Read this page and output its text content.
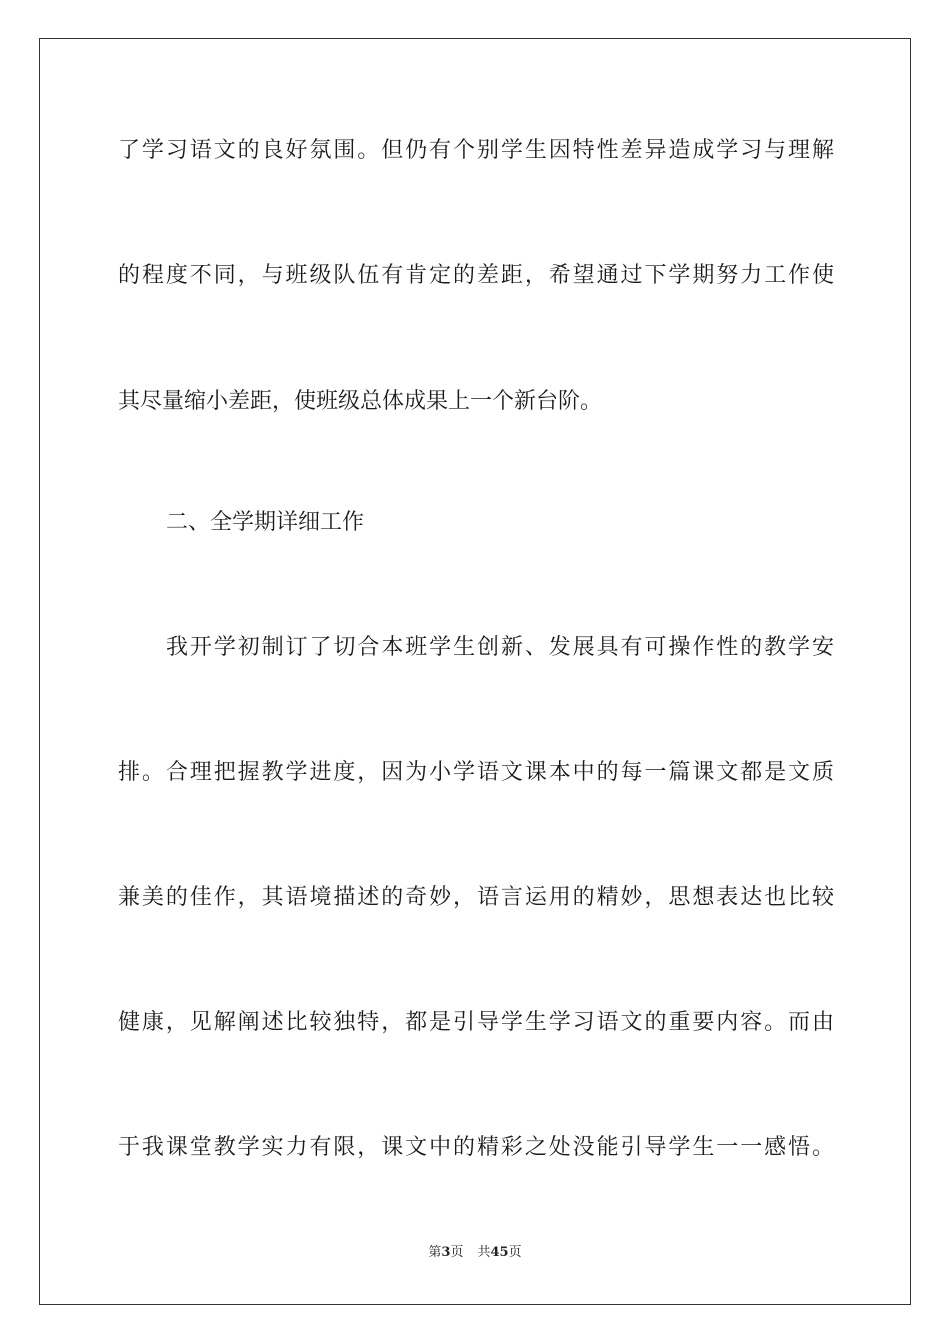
了学习语文的良好氛围。但仍有个别学生因特性差异造成学习与理解
的程度不同，与班级队伍有肯定的差距，希望通过下学期努力工作使
其尽量缩小差距，使班级总体成果上一个新台阶。
二、全学期详细工作
我开学初制订了切合本班学生创新、发展具有可操作性的教学安
排。合理把握教学进度，因为小学语文课本中的每一篇课文都是文质
兼美的佳作，其语境描述的奇妙，语言运用的精妙，思想表达也比较
健康，见解阐述比较独特，都是引导学生学习语文的重要内容。而由
于我课堂教学实力有限，课文中的精彩之处没能引导学生一一感悟。
第3页 共45页
